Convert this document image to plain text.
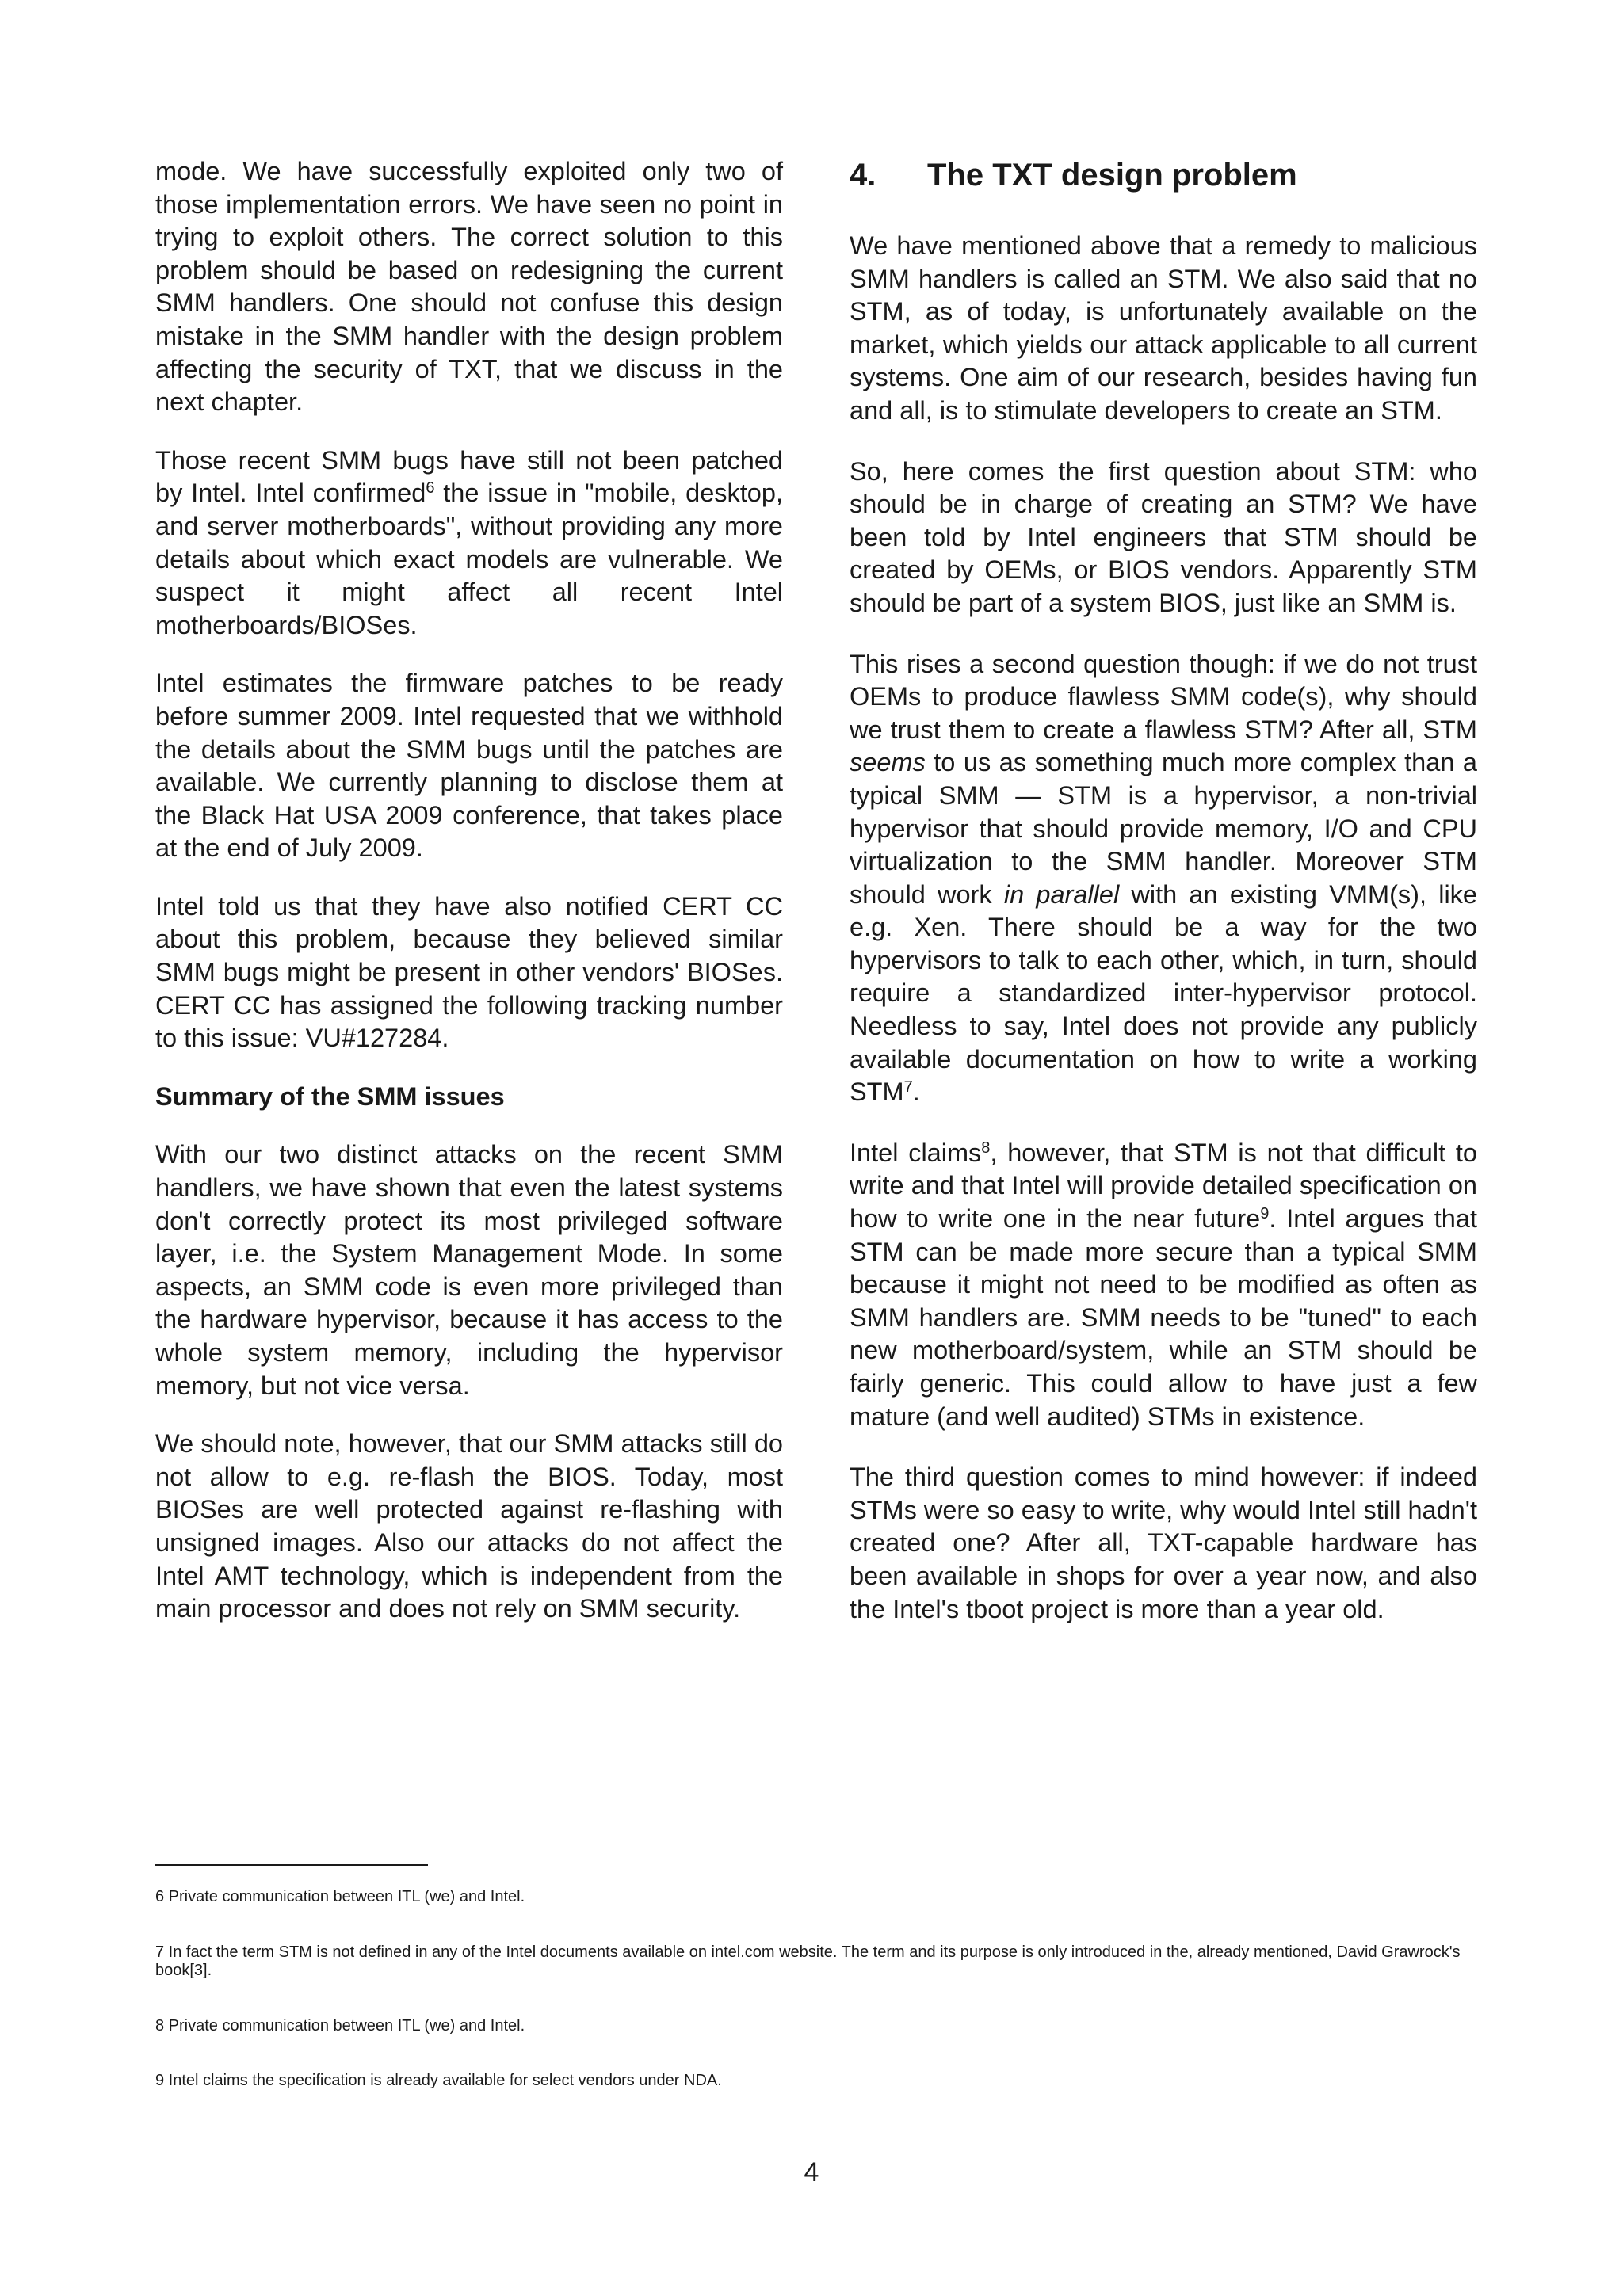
mode. We have successfully exploited only two of those implementation errors. We have seen no point in trying to exploit others. The correct solution to this problem should be based on redesigning the current SMM handlers. One should not confuse this design mistake in the SMM handler with the design problem affecting the security of TXT, that we discuss in the next chapter.

Those recent SMM bugs have still not been patched by Intel. Intel confirmed$^6$ the issue in "mobile, desktop, and server motherboards", without providing any more details about which exact models are vulnerable. We suspect it might affect all recent Intel motherboards/BIOSes.

Intel estimates the firmware patches to be ready before summer 2009. Intel requested that we withhold the details about the SMM bugs until the patches are available. We currently planning to disclose them at the Black Hat USA 2009 conference, that takes place at the end of July 2009.

Intel told us that they have also notified CERT CC about this problem, because they believed similar SMM bugs might be present in other vendors' BIOSes. CERT CC has assigned the following tracking number to this issue: VU#127284.

Summary of the SMM issues

With our two distinct attacks on the recent SMM handlers, we have shown that even the latest systems don't correctly protect its most privileged software layer, i.e. the System Management Mode. In some aspects, an SMM code is even more privileged than the hardware hypervisor, because it has access to the whole system memory, including the hypervisor memory, but not vice versa.

We should note, however, that our SMM attacks still do not allow to e.g. re-flash the BIOS. Today, most BIOSes are well protected against re-flashing with unsigned images. Also our attacks do not affect the Intel AMT technology, which is independent from the main processor and does not rely on SMM security.

4.	The TXT design problem

We have mentioned above that a remedy to malicious SMM handlers is called an STM. We also said that no STM, as of today, is unfortunately available on the market, which yields our attack applicable to all current systems. One aim of our research, besides having fun and all, is to stimulate developers to create an STM.

So, here comes the first question about STM: who should be in charge of creating an STM? We have been told by Intel engineers that STM should be created by OEMs, or BIOS vendors. Apparently STM should be part of a system BIOS, just like an SMM is.

This rises a second question though: if we do not trust OEMs to produce flawless SMM code(s), why should we trust them to create a flawless STM? After all, STM seems to us as something much more complex than a typical SMM — STM is a hypervisor, a non-trivial hypervisor that should provide memory, I/O and CPU virtualization to the SMM handler. Moreover STM should work in parallel with an existing VMM(s), like e.g. Xen. There should be a way for the two hypervisors to talk to each other, which, in turn, should require a standardized inter-hypervisor protocol. Needless to say, Intel does not provide any publicly available documentation on how to write a working STM$^7$.

Intel claims$^8$, however, that STM is not that difficult to write and that Intel will provide detailed specification on how to write one in the near future$^9$. Intel argues that STM can be made more secure than a typical SMM because it might not need to be modified as often as SMM handlers are. SMM needs to be "tuned" to each new motherboard/system, while an STM should be fairly generic. This could allow to have just a few mature (and well audited) STMs in existence.

The third question comes to mind however: if indeed STMs were so easy to write, why would Intel still hadn't created one? After all, TXT-capable hardware has been available in shops for over a year now, and also the Intel's tboot project is more than a year old.

6 Private communication between ITL (we) and Intel.

7 In fact the term STM is not defined in any of the Intel documents available on intel.com website. The term and its purpose is only introduced in the, already mentioned, David Grawrock's book[3].

8 Private communication between ITL (we) and Intel.

9 Intel claims the specification is already available for select vendors under NDA.

4
